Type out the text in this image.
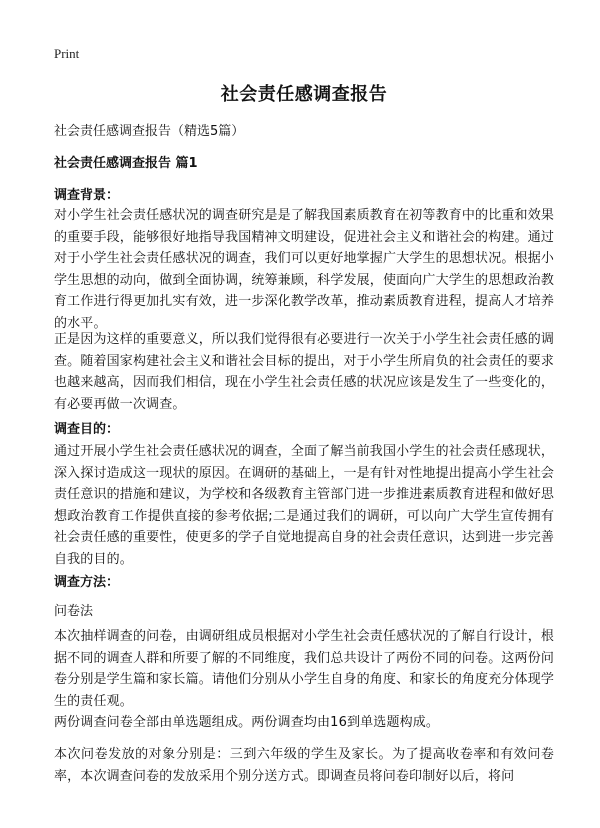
Print
社会责任感调查报告

社会责任感调查报告（精选5篇）

社会责任感调查报告 篇1

调查背景：

对小学生社会责任感状况的调查研究是是了解我国素质教育在初等教育中的比重和效果的重要手段，能够很好地指导我国精神文明建设，促进社会主义和谐社会的构建。通过对于小学生社会责任感状况的调查，我们可以更好地掌握广大学生的思想状况。根据小学生思想的动向，做到全面协调，统筹兼顾，科学发展，使面向广大学生的思想政治教育工作进行得更加扎实有效，进一步深化教学改革，推动素质教育进程，提高人才培养的水平。

正是因为这样的重要意义，所以我们觉得很有必要进行一次关于小学生社会责任感的调查。随着国家构建社会主义和谐社会目标的提出，对于小学生所肩负的社会责任的要求也越来越高，因而我们相信，现在小学生社会责任感的状况应该是发生了一些变化的，有必要再做一次调查。

调查目的：

通过开展小学生社会责任感状况的调查，全面了解当前我国小学生的社会责任感现状，深入探讨造成这一现状的原因。在调研的基础上，一是有针对性地提出提高小学生社会责任意识的措施和建议，为学校和各级教育主管部门进一步推进素质教育进程和做好思想政治教育工作提供直接的参考依据;二是通过我们的调研，可以向广大学生宣传拥有社会责任感的重要性，使更多的学子自觉地提高自身的社会责任意识，达到进一步完善自我的目的。

调查方法：

问卷法

本次抽样调查的问卷，由调研组成员根据对小学生社会责任感状况的了解自行设计，根据不同的调查人群和所要了解的不同维度，我们总共设计了两份不同的问卷。这两份问卷分别是学生篇和家长篇。请他们分别从小学生自身的角度、和家长的角度充分体现学生的责任观。

两份调查问卷全部由单选题组成。两份调查均由16到单选题构成。

本次问卷发放的对象分别是：三到六年级的学生及家长。为了提高收卷率和有效问卷率，本次调查问卷的发放采用个别分送方式。即调查员将问卷印制好以后，将问
